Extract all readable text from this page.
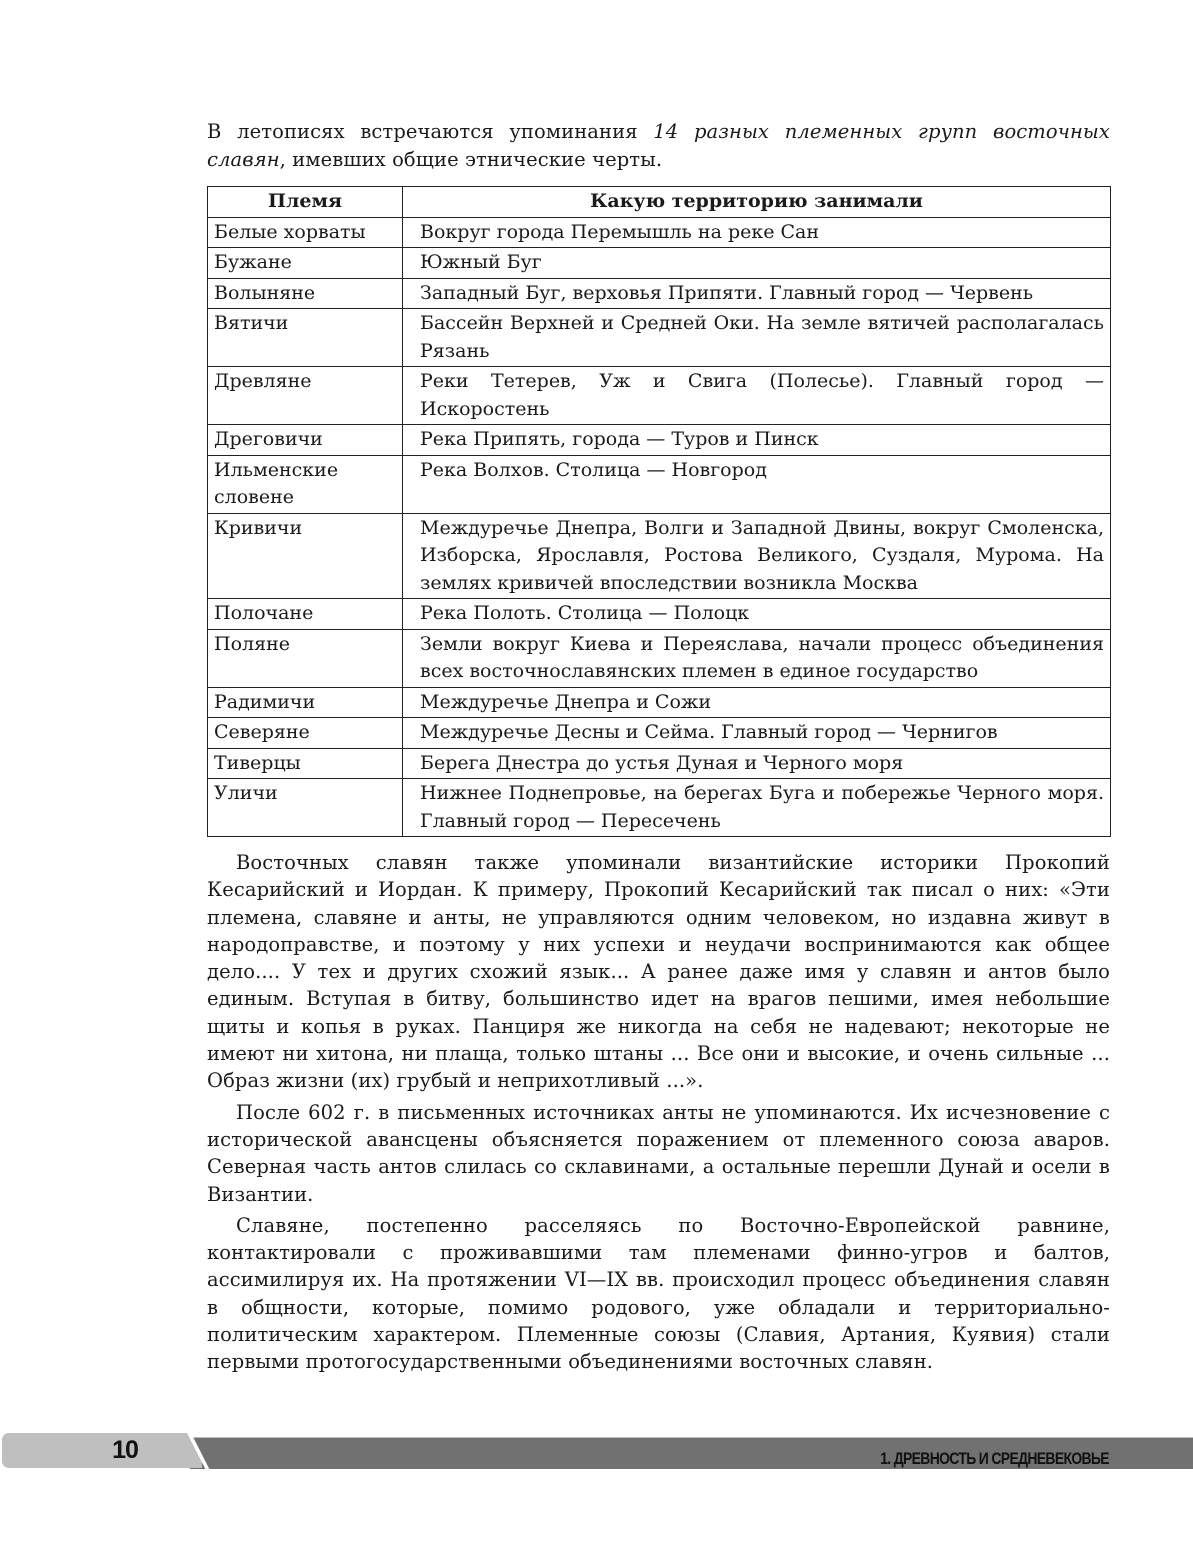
В летописях встречаются упоминания 14 разных племенных групп восточных славян, имевших общие этнические черты.

Племя	Какую территорию занимали
Белые хорваты	Вокруг города Перемышль на реке Сан
Бужане	Южный Буг
Волыняне	Западный Буг, верховья Припяти. Главный город — Червень
Вятичи	Бассейн Верхней и Средней Оки. На земле вятичей располагалась Рязань
Древляне	Реки Тетерев, Уж и Свига (Полесье). Главный город — Искоростень
Дреговичи	Река Припять, города — Туров и Пинск
Ильменские словене	Река Волхов. Столица — Новгород
Кривичи	Междуречье Днепра, Волги и Западной Двины, вокруг Смоленска, Изборска, Ярославля, Ростова Великого, Суздаля, Мурома. На землях кривичей впоследствии возникла Москва
Полочане	Река Полоть. Столица — Полоцк
Поляне	Земли вокруг Киева и Переяслава, начали процесс объединения всех восточнославянских племен в единое государство
Радимичи	Междуречье Днепра и Сожи
Северяне	Междуречье Десны и Сейма. Главный город — Чернигов
Тиверцы	Берега Днестра до устья Дуная и Черного моря
Уличи	Нижнее Поднепровье, на берегах Буга и побережье Черного моря. Главный город — Пересечень

Восточных славян также упоминали византийские историки Прокопий Кесарийский и Иордан. К примеру, Прокопий Кесарийский так писал о них: «Эти племена, славяне и анты, не управляются одним человеком, но издавна живут в народоправстве, и поэтому у них успехи и неудачи воспринимаются как общее дело.... У тех и других схожий язык... А ранее даже имя у славян и антов было единым. Вступая в битву, большинство идет на врагов пешими, имея небольшие щиты и копья в руках. Панциря же никогда на себя не надевают; некоторые не имеют ни хитона, ни плаща, только штаны ... Все они и высокие, и очень сильные ... Образ жизни (их) грубый и неприхотливый ...».

После 602 г. в письменных источниках анты не упоминаются. Их исчезновение с исторической авансцены объясняется поражением от племенного союза аваров. Северная часть антов слилась со склавинами, а остальные перешли Дунай и осели в Византии.

Славяне, постепенно расселяясь по Восточно-Европейской равнине, контактировали с проживавшими там племенами финно-угров и балтов, ассимилируя их. На протяжении VI—IX вв. происходил процесс объединения славян в общности, которые, помимо родового, уже обладали и территориально-политическим характером. Племенные союзы (Славия, Артания, Куявия) стали первыми протогосударственными объединениями восточных славян.

1. ДРЕВНОСТЬ И СРЕДНЕВЕКОВЬЕ
10
